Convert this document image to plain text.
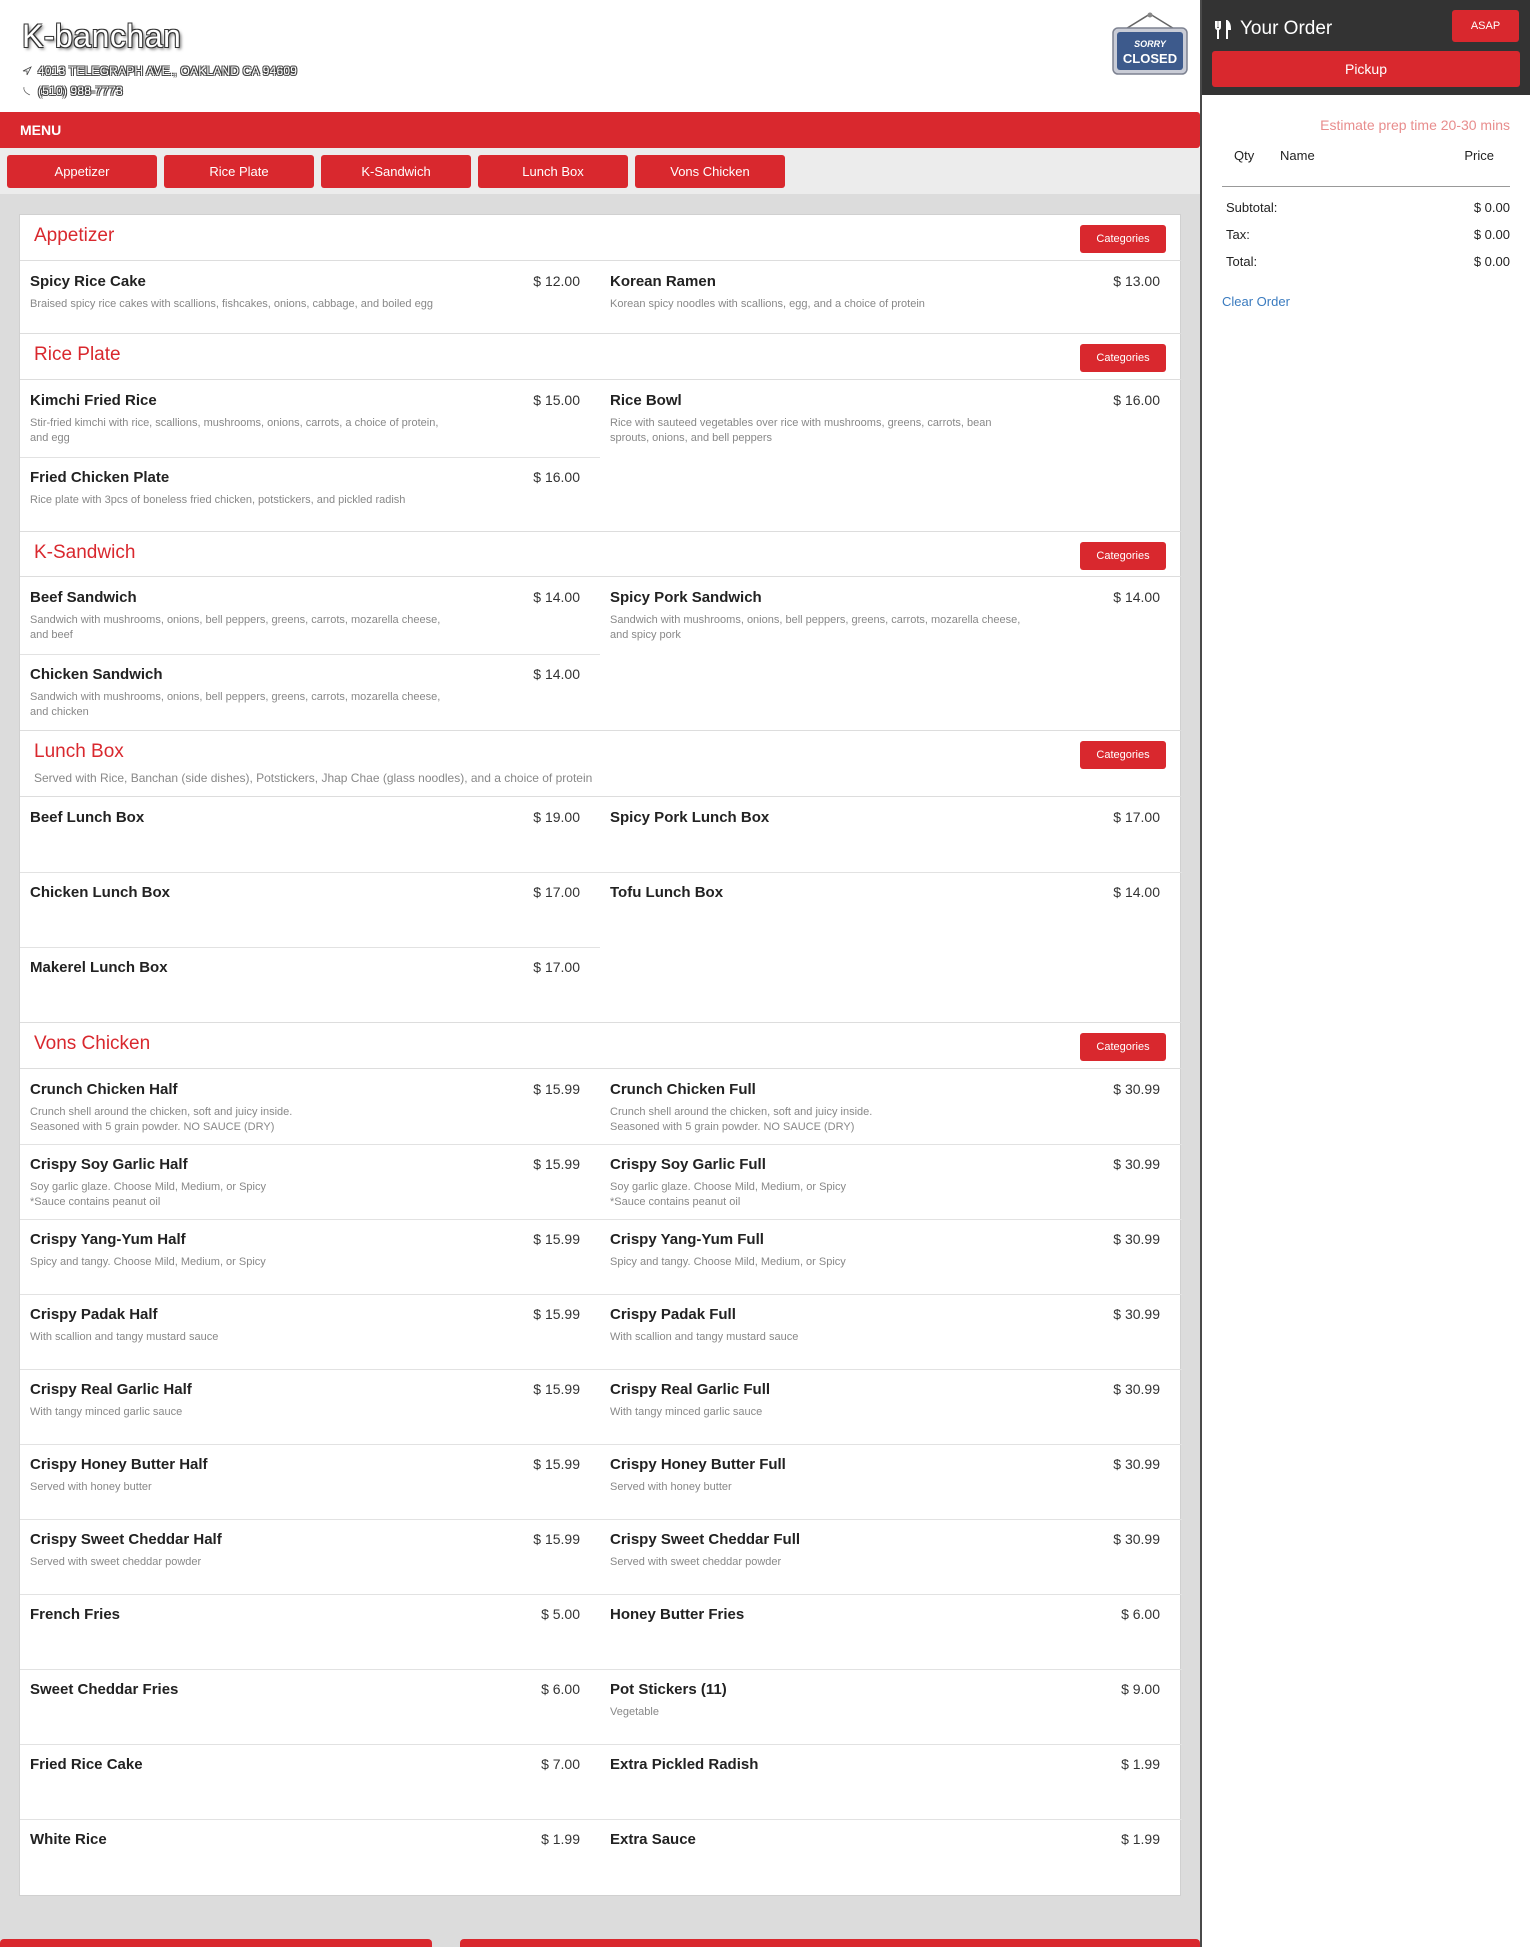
K-banchan
4013 TELEGRAPH AVE., OAKLAND CA 94609
(510) 988-7773
SORRY
CLOSED
MENU
Appetizer	Rice Plate	K-Sandwich	Lunch Box	Vons Chicken
Appetizer	Categories
Spicy Rice Cake	$ 12.00
Braised spicy rice cakes with scallions, fishcakes, onions, cabbage, and boiled egg
Korean Ramen	$ 13.00
Korean spicy noodles with scallions, egg, and a choice of protein
Rice Plate	Categories
Kimchi Fried Rice	$ 15.00
Stir-fried kimchi with rice, scallions, mushrooms, onions, carrots, a choice of protein, and egg
Rice Bowl	$ 16.00
Rice with sauteed vegetables over rice with mushrooms, greens, carrots, bean sprouts, onions, and bell peppers
Fried Chicken Plate	$ 16.00
Rice plate with 3pcs of boneless fried chicken, potstickers, and pickled radish
K-Sandwich	Categories
Beef Sandwich	$ 14.00
Sandwich with mushrooms, onions, bell peppers, greens, carrots, mozarella cheese, and beef
Spicy Pork Sandwich	$ 14.00
Sandwich with mushrooms, onions, bell peppers, greens, carrots, mozarella cheese, and spicy pork
Chicken Sandwich	$ 14.00
Sandwich with mushrooms, onions, bell peppers, greens, carrots, mozarella cheese, and chicken
Lunch Box
Served with Rice, Banchan (side dishes), Potstickers, Jhap Chae (glass noodles), and a choice of protein
Categories
Beef Lunch Box	$ 19.00 Spicy Pork Lunch Box	$ 17.00
Chicken Lunch Box	$ 17.00 Tofu Lunch Box	$ 14.00
Makerel Lunch Box	$ 17.00
Vons Chicken	Categories
Crunch Chicken Half	$ 15.99
Crunch shell around the chicken, soft and juicy inside.
Seasoned with 5 grain powder. NO SAUCE (DRY)
Crunch Chicken Full	$ 30.99
Crunch shell around the chicken, soft and juicy inside.
Seasoned with 5 grain powder. NO SAUCE (DRY)
Crispy Soy Garlic Half	$ 15.99
Soy garlic glaze. Choose Mild, Medium, or Spicy
*Sauce contains peanut oil
Crispy Soy Garlic Full	$ 30.99
Soy garlic glaze. Choose Mild, Medium, or Spicy
*Sauce contains peanut oil
Crispy Yang-Yum Half	$ 15.99
Spicy and tangy. Choose Mild, Medium, or Spicy
Crispy Yang-Yum Full	$ 30.99
Spicy and tangy. Choose Mild, Medium, or Spicy
Crispy Padak Half	$ 15.99
With scallion and tangy mustard sauce
Crispy Padak Full	$ 30.99
With scallion and tangy mustard sauce
Crispy Real Garlic Half	$ 15.99
With tangy minced garlic sauce
Crispy Real Garlic Full	$ 30.99
With tangy minced garlic sauce
Crispy Honey Butter Half	$ 15.99
Served with honey butter
Crispy Honey Butter Full	$ 30.99
Served with honey butter
Crispy Sweet Cheddar Half	$ 15.99
Served with sweet cheddar powder
Crispy Sweet Cheddar Full	$ 30.99
Served with sweet cheddar powder
French Fries	$ 5.00 Honey Butter Fries	$ 6.00
Sweet Cheddar Fries	$ 6.00 Pot Stickers (11)	$ 9.00
Vegetable
Fried Rice Cake	$ 7.00 Extra Pickled Radish	$ 1.99
White Rice	$ 1.99 Extra Sauce	$ 1.99
Your Order	ASAP
Pickup
Estimate prep time 20-30 mins
Qty Name	Price
Subtotal:	$ 0.00
Tax:	$ 0.00
Total:	$ 0.00
Clear Order
